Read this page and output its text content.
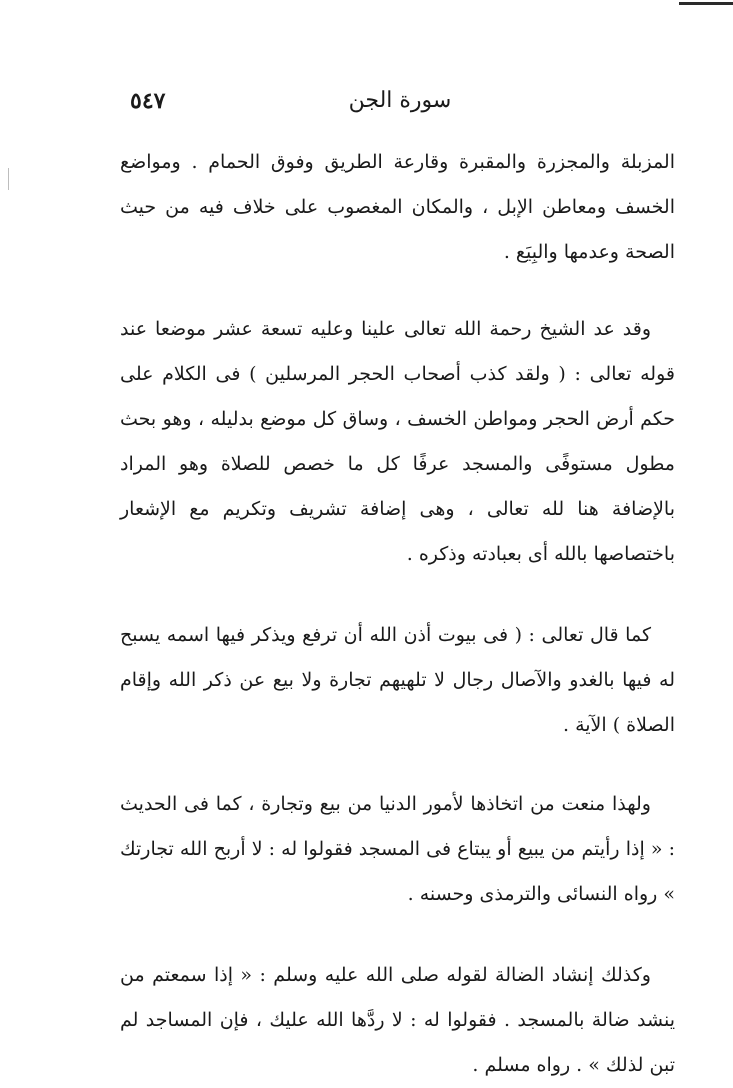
٥٤٧	سورة الجن

المزبلة والمجزرة والمقبرة وقارعة الطريق وفوق الحمام . ومواضع الخسف ومعاطن الإبل ، والمكان المغصوب على خلاف فيه من حيث الصحة وعدمها والبِيَع .

وقد عد الشيخ رحمة الله تعالى علينا وعليه تسعة عشر موضعا عند قوله تعالى : ( ولقد كذب أصحاب الحجر المرسلين ) فى الكلام على حكم أرض الحجر ومواطن الخسف ، وساق كل موضع بدليله ، وهو بحث مطول مستوفًى والمسجد عرفًا كل ما خصص للصلاة وهو المراد بالإضافة هنا لله تعالى ، وهى إضافة تشريف وتكريم مع الإشعار باختصاصها بالله أى بعبادته وذكره .

كما قال تعالى : ( فى بيوت أذن الله أن ترفع ويذكر فيها اسمه يسبح له فيها بالغدو والآصال رجال لا تلهيهم تجارة ولا بيع عن ذكر الله وإقام الصلاة ) الآية .

ولهذا منعت من اتخاذها لأمور الدنيا من بيع وتجارة ، كما فى الحديث : « إذا رأيتم من يبيع أو يبتاع فى المسجد فقولوا له : لا أربح الله تجارتك » رواه النسائى والترمذى وحسنه .

وكذلك إنشاد الضالة لقوله صلى الله عليه وسلم : « إذا سمعتم من ينشد ضالة بالمسجد . فقولوا له : لا ردَّها الله عليك ، فإن المساجد لم تبن لذلك » . رواه مسلم .
